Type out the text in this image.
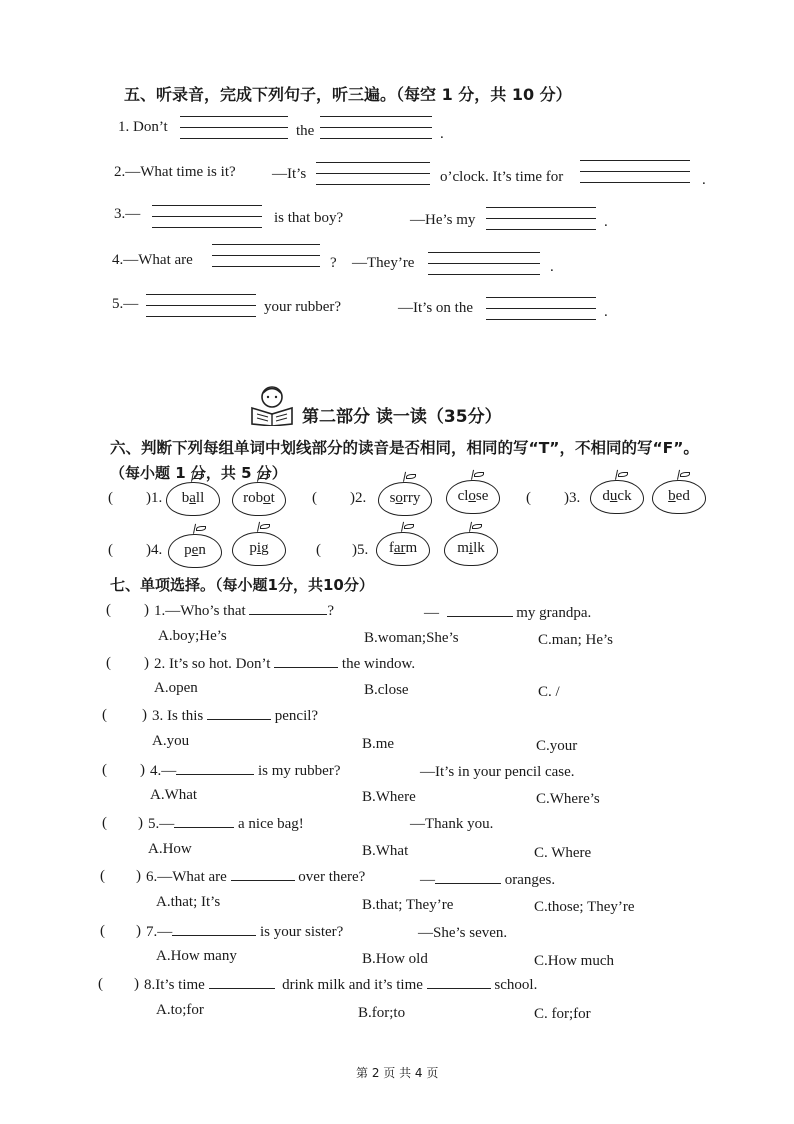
五、听录音，完成下列句子，听三遍。（每空 1 分，共 10 分）
1. Don’t	the	.
2.—What time is it? —It’s	o’clock. It’s time for	.
3.—	is that boy?	—He’s my	.
4.—What are	? —They’re	.
5.—	your rubber?	—It’s on the	.
第二部分 读一读（35分）
六、判断下列每组单词中划线部分的读音是否相同，相同的写“T”，不相同的写“F”。
（每小题 1 分，共 5 分）
( )1.	ball	robot	( )2.	sorry	close	( )3.	duck	bed
( )4.	pen	pig	( )5.	farm	milk
七、单项选择。（每小题1分，共10分）
( ) 1.—Who’s that	?	—	my grandpa.
A.boy;He’s	B.woman;She’s	C.man; He’s
( ) 2. It’s so hot. Don’t	the window.
A.open	B.close	C. /
( ) 3. Is this	pencil?
A.you	B.me	C.your
( ) 4.—	is my rubber?	—It’s in your pencil case.
A.What	B.Where	C.Where’s
( ) 5.—	a nice bag!	—Thank you.
A.How	B.What	C. Where
( ) 6.—What are	over there?	—	oranges.
A.that; It’s	B.that; They’re	C.those; They’re
( ) 7.—	is your sister?	—She’s seven.
A.How many	B.How old	C.How much
( ) 8.It’s time	drink milk and it’s time	school.
A.to;for	B.for;to	C. for;for
第 2 页 共 4 页
